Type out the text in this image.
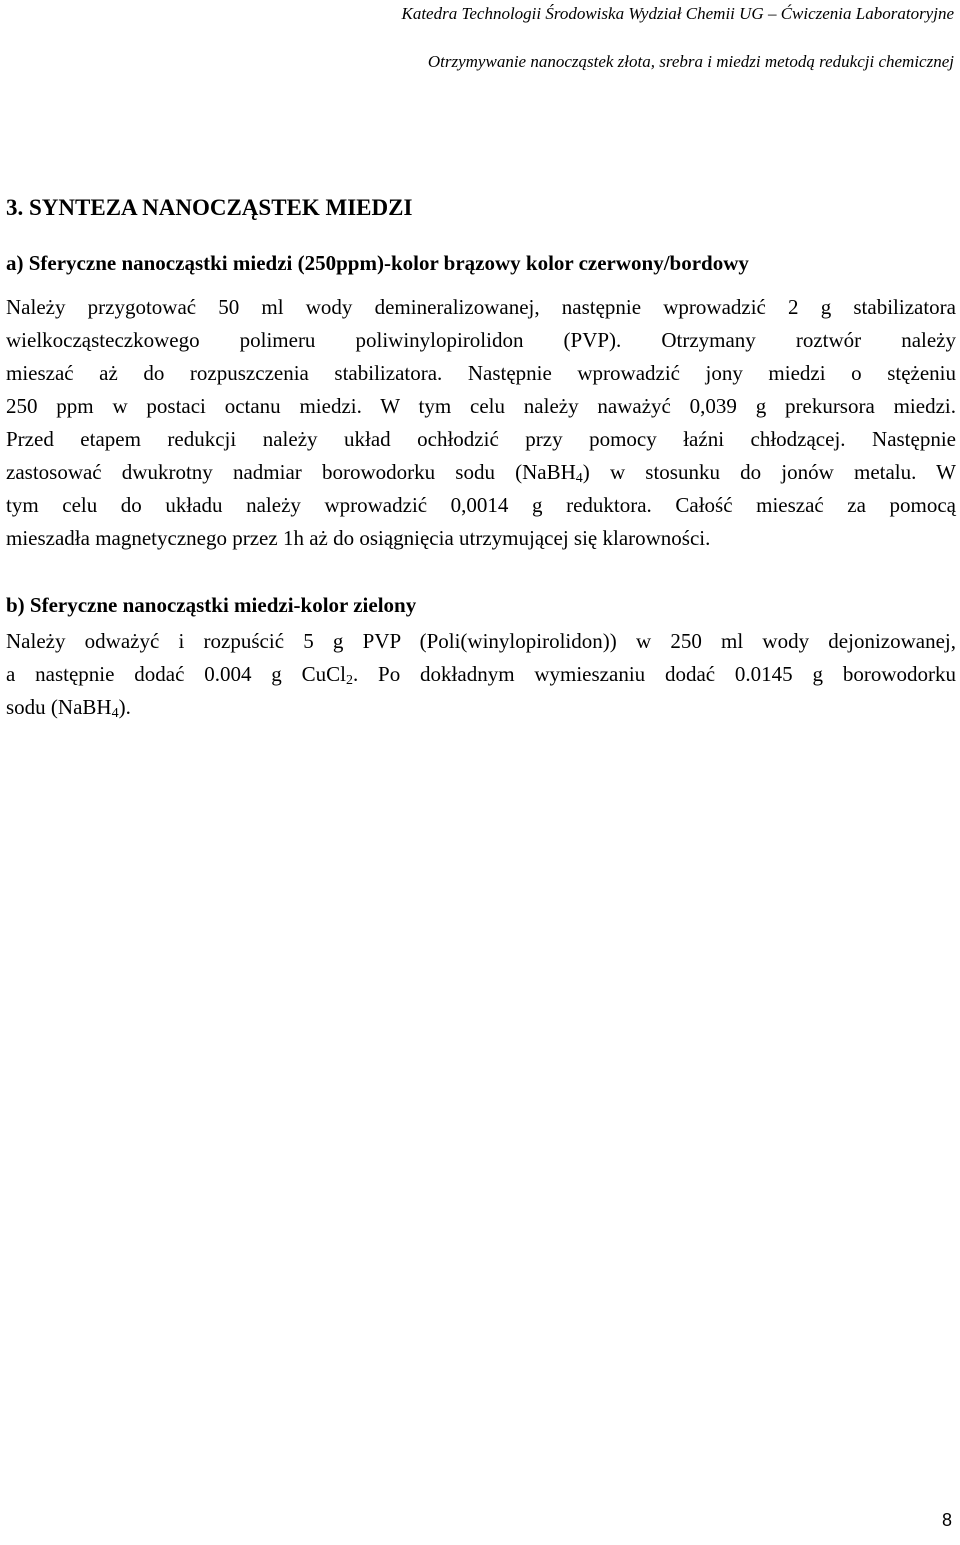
Katedra Technologii Środowiska Wydział Chemii UG – Ćwiczenia Laboratoryjne
Otrzymywanie nanocząstek złota, srebra i miedzi metodą redukcji chemicznej
3. SYNTEZA NANOCZĄSTEK MIEDZI
a) Sferyczne nanocząstki miedzi (250ppm)-kolor brązowy kolor czerwony/bordowy
Należy przygotować 50 ml wody demineralizowanej, następnie wprowadzić 2 g stabilizatora
wielkocząsteczkowego polimeru poliwinylopirolidon (PVP). Otrzymany roztwór należy
mieszać aż do rozpuszczenia stabilizatora. Następnie wprowadzić jony miedzi o stężeniu
250 ppm w postaci octanu miedzi. W tym celu należy naważyć 0,039 g prekursora miedzi.
Przed etapem redukcji należy układ ochłodzić przy pomocy łaźni chłodzącej. Następnie
zastosować dwukrotny nadmiar borowodorku sodu (NaBH$_4$) w stosunku do jonów metalu. W
tym celu do układu należy wprowadzić 0,0014 g reduktora. Całość mieszać za pomocą
mieszadła magnetycznego przez 1h aż do osiągnięcia utrzymującej się klarowności.
b) Sferyczne nanocząstki miedzi-kolor zielony
Należy odważyć i rozpuścić 5 g PVP (Poli(winylopirolidon)) w 250 ml wody dejonizowanej,
a następnie dodać 0.004 g CuCl$_2$. Po dokładnym wymieszaniu dodać 0.0145 g borowodorku
sodu (NaBH$_4$).
8
